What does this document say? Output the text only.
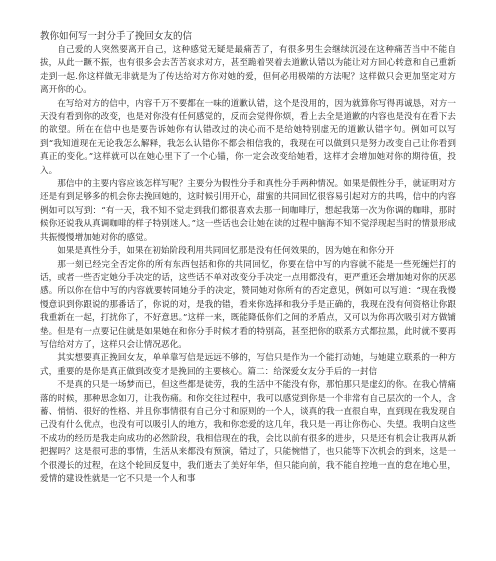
教你如何写一封分手了挽回女友的信

自己爱的人突然要离开自己，这种感觉无疑是最痛苦了，有很多男生会继续沉浸在这种痛苦当中不能自拔，从此一蹶不振，也有很多会去苦苦哀求对方，甚至跪着哭着去道歉认错以为能让对方回心转意和自己重新走到一起.你这样做无非就是为了传达给对方你对她的爱，但何必用极端的方法呢？这样做只会更加坚定对方离开你的心。

在写给对方的信中，内容千万不要都在一味的道歉认错，这个是没用的，因为就算你写得再诚恳，对方一天没有看到你的改变，也是对你没有任何感觉的，反而会觉得你烦，看上去全是道歉的内容也是没有在看下去的欲望。所在在信中也是要告诉她你有认错改过的决心而不是给她特别虚无的道歉认错字句。例如可以写到“我知道现在无论我怎么解释，我怎么认错你不都会相信我的，我现在可以做到只是努力改变自己让你看到真正的变化。”这样就可以在她心里下了一个心锚，你一定会改变给她看，这样才会增加她对你的期待值，投入。

那信中的主要内容应该怎样写呢？主要分为假性分手和真性分手两种情况。如果是假性分手，就证明对方还是有到足够多的机会你去挽回她的，这时候引用开心，甜蜜的共同回忆很容易引起对方的共鸣，信中的内容例如可以写到：“有一天，我不知不觉走到我们都很喜欢去那一间咖啡厅，想起我第一次为你调的咖啡，那时候你还说我从真调咖啡的样子特别迷人。”这一些话也会让她在读的过程中脑海不知不觉浮现起当时的情景形成共振慢慢增加她对你的感觉。

如果是真性分手，如果在初始阶段利用共同回忆那是没有任何效果的，因为她在和你分开

那一刻已经完全否定你的所有东西包括和你的共同回忆，你要在信中写的内容就不能是一些死缠烂打的话，或者一些否定她分手决定的话，这些话不单对改变分手决定一点用都没有，更严重还会增加她对你的厌恶感。所以你在信中写的内容就要转同她分手的决定，赞同她对你所有的否定意见，例如可以写道：“现在我慢慢意识到你跟说的那番话了，你说的对，是我的错，看来你选择和我分手是正确的，我现在没有何资格让你跟我重新在一起，打扰你了，不好意思。”这样一来，既能降低你们之间的矛盾点，又可以为你再次吸引对方做铺垫。但是有一点要记住就是如果她在和你分手时候才看的特别高，甚至把你的联系方式都拉黑，此时就不要再写信给对方了，这样只会让情况恶化。

其实想要真正挽回女友，单单靠写信是远远不够的，写信只是作为一个能打动她，与她建立联系的一种方式，重要的是你是真正做到改变才是挽回的主要核心。篇二：给深爱女友分手后的一封信

不是真的只是一场梦而已，但这些都是徒劳，我的生活中不能没有你，那怕那只是虚幻的你。在我心情痛落的时候，那种思念如刀，让我伤痛。和你交往过程中，我可以感觉到你是一个非常有自己层次的一个人，含蓄、悄悄、很好的性格、并且你事情很有自己分寸和原则的一个人，谈真的我一直很自卑，直到现在我发现自己没有什么优点，也没有可以吸引人的地方，我和你恋爱的这几年，我只是一再让你伤心、失望。我明白这些不成功的经历是我走向成功的必然阶段，我相信现在的我，会比以前有很多的进步，只是还有机会让我再从新把握吗？这是很可悲的事情，生活从来都没有预演，错过了，只能惋惜了，也只能等下次机会的到来，这是一个很漫长的过程，在这个轮回反复中，我们逝去了美好年华，但只能向前，我不能自控地一直的怠在地心里，爱情的建设性就是一它不只是一个人和事
